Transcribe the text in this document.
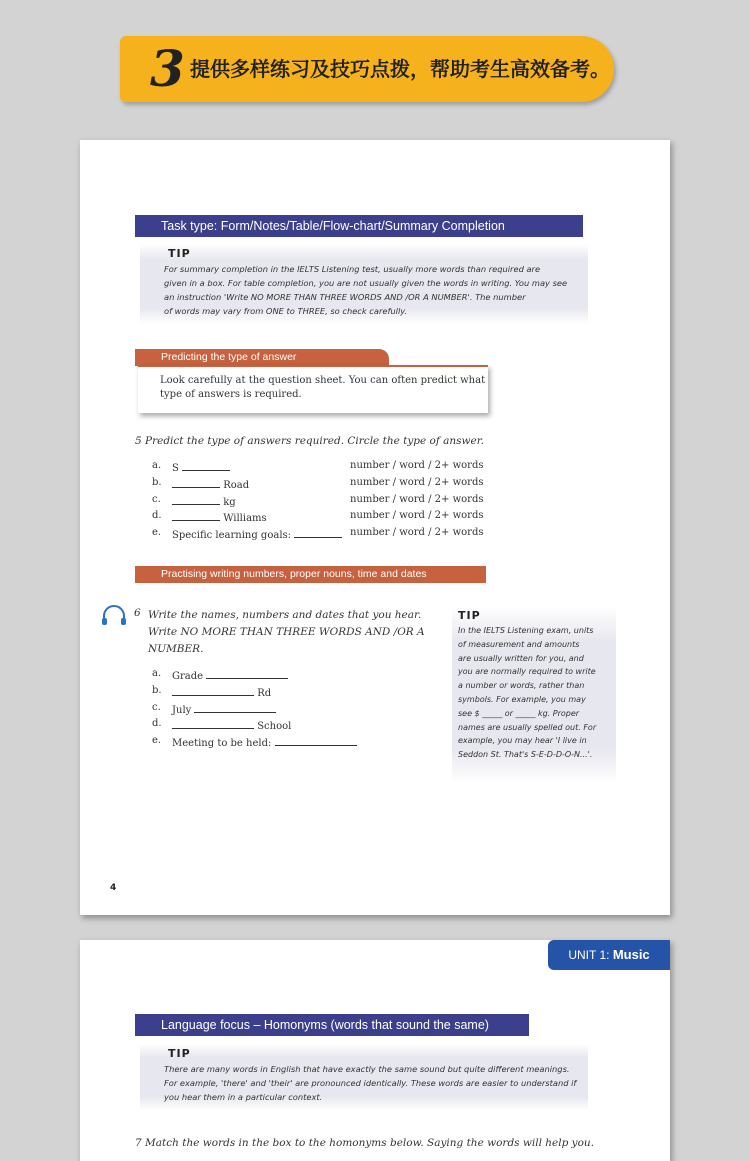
3 提供多样练习及技巧点拨，帮助考生高效备考。
Task type: Form/Notes/Table/Flow-chart/Summary Completion
TIP
For summary completion in the IELTS Listening test, usually more words than required are
given in a box. For table completion, you are not usually given the words in writing. You may see
an instruction 'Write NO MORE THAN THREE WORDS AND /OR A NUMBER'. The number
of words may vary from ONE to THREE, so check carefully.
Predicting the type of answer
Look carefully at the question sheet. You can often predict what
type of answers is required.
5 Predict the type of answers required. Circle the type of answer.
a. S	number / word / 2+ words
b.	Road	number / word / 2+ words
c.	kg	number / word / 2+ words
d.	Williams	number / word / 2+ words
e. Specific learning goals:	number / word / 2+ words
Practising writing numbers, proper nouns, time and dates
6 Write the names, numbers and dates that you hear.
Write NO MORE THAN THREE WORDS AND /OR A
NUMBER.
a. Grade
b.	Rd
c. July
d.	School
e. Meeting to be held:
TIP
In the IELTS Listening exam, units
of measurement and amounts
are usually written for you, and
you are normally required to write
a number or words, rather than
symbols. For example, you may
see $ _____ or _____ kg. Proper
names are usually spelled out. For
example, you may hear 'I live in
Seddon St. That's S-E-D-D-O-N...'.
4
UNIT 1: Music
Language focus – Homonyms (words that sound the same)
TIP
There are many words in English that have exactly the same sound but quite different meanings.
For example, 'there' and 'their' are pronounced identically. These words are easier to understand if
you hear them in a particular context.
7 Match the words in the box to the homonyms below. Saying the words will help you.
